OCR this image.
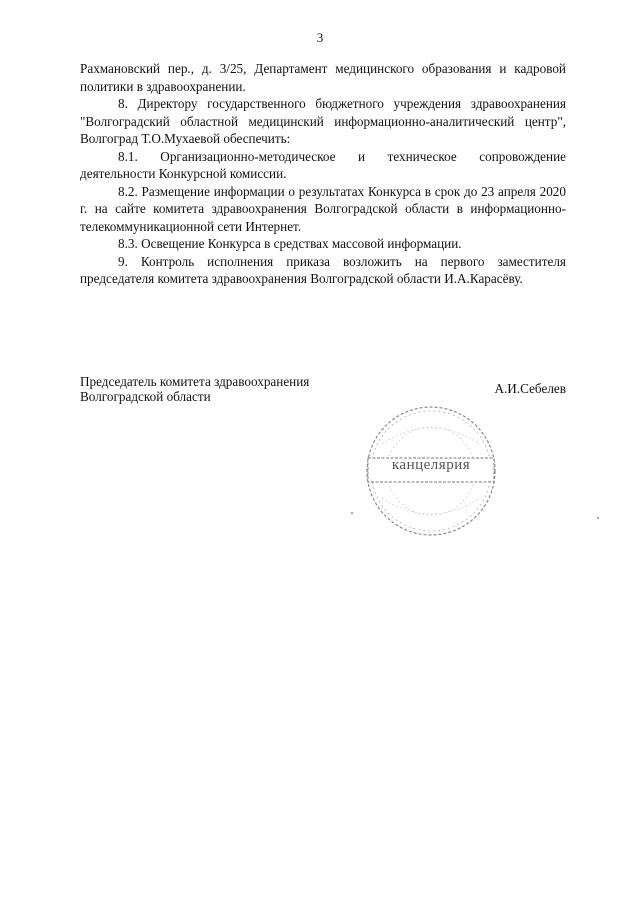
3

Рахмановский пер., д. 3/25, Департамент медицинского образования и кадровой политики в здравоохранении.

8. Директору государственного бюджетного учреждения здравоохранения "Волгоградский областной медицинский информационно-аналитический центр", Волгоград Т.О.Мухаевой обеспечить:

8.1. Организационно-методическое и техническое сопровождение деятельности Конкурсной комиссии.

8.2. Размещение информации о результатах Конкурса в срок до 23 апреля 2020 г. на сайте комитета здравоохранения Волгоградской области в информационно-телекоммуникационной сети Интернет.

8.3. Освещение Конкурса в средствах массовой информации.

9. Контроль исполнения приказа возложить на первого заместителя председателя комитета здравоохранения Волгоградской области И.А.Карасёву.

Председатель комитета здравоохранения
Волгоградской области
А.И.Себелев
канцелярия
